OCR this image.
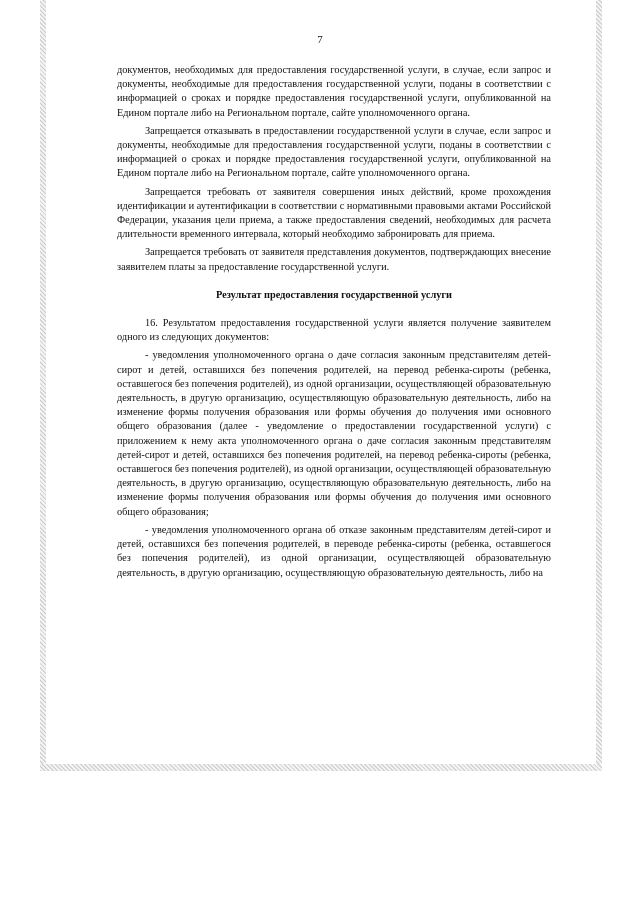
7

документов, необходимых для предоставления государственной услуги, в случае, если запрос и документы, необходимые для предоставления государственной услуги, поданы в соответствии с информацией о сроках и порядке предоставления государственной услуги, опубликованной на Едином портале либо на Региональном портале, сайте уполномоченного органа.

Запрещается отказывать в предоставлении государственной услуги в случае, если запрос и документы, необходимые для предоставления государственной услуги, поданы в соответствии с информацией о сроках и порядке предоставления государственной услуги, опубликованной на Едином портале либо на Региональном портале, сайте уполномоченного органа.

Запрещается требовать от заявителя совершения иных действий, кроме прохождения идентификации и аутентификации в соответствии с нормативными правовыми актами Российской Федерации, указания цели приема, а также предоставления сведений, необходимых для расчета длительности временного интервала, который необходимо забронировать для приема.

Запрещается требовать от заявителя представления документов, подтверждающих внесение заявителем платы за предоставление государственной услуги.

Результат предоставления государственной услуги

16. Результатом предоставления государственной услуги является получение заявителем одного из следующих документов:

- уведомления уполномоченного органа о даче согласия законным представителям детей-сирот и детей, оставшихся без попечения родителей, на перевод ребенка-сироты (ребенка, оставшегося без попечения родителей), из одной организации, осуществляющей образовательную деятельность, в другую организацию, осуществляющую образовательную деятельность, либо на изменение формы получения образования или формы обучения до получения ими основного общего образования (далее - уведомление о предоставлении государственной услуги) с приложением к нему акта уполномоченного органа о даче согласия законным представителям детей-сирот и детей, оставшихся без попечения родителей, на перевод ребенка-сироты (ребенка, оставшегося без попечения родителей), из одной организации, осуществляющей образовательную деятельность, в другую организацию, осуществляющую образовательную деятельность, либо на изменение формы получения образования или формы обучения до получения ими основного общего образования;

- уведомления уполномоченного органа об отказе законным представителям детей-сирот и детей, оставшихся без попечения родителей, в переводе ребенка-сироты (ребенка, оставшегося без попечения родителей), из одной организации, осуществляющей образовательную деятельность, в другую организацию, осуществляющую образовательную деятельность, либо на
